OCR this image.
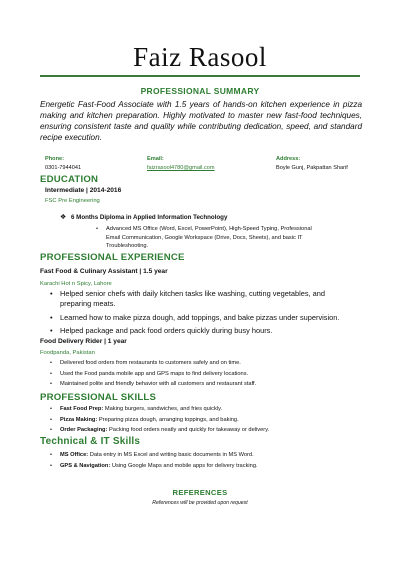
Faiz Rasool
PROFESSIONAL SUMMARY
Energetic Fast-Food Associate with 1.5 years of hands-on kitchen experience in pizza making and kitchen preparation. Highly motivated to master new fast-food techniques, ensuring consistent taste and quality while contributing dedication, speed, and standard recipe execution.
Phone:
0301-7944041
Email:
faizrasool4780@gmail.com
Address:
Boyle Gunj, Pakpattan Sharif
EDUCATION
Intermediate | 2014-2016
FSC Pre Engineering
❖ 6 Months Diploma in Applied Information Technology
• Advanced MS Office (Word, Excel, PowerPoint), High-Speed Typing, Professional Email Communication, Google Workspace (Drive, Docs, Sheets), and basic IT Troubleshooting.
PROFESSIONAL EXPERIENCE
Fast Food & Culinary Assistant | 1.5 year
Karachi Hot n Spicy, Lahore
• Helped senior chefs with daily kitchen tasks like washing, cutting vegetables, and preparing meats.
• Learned how to make pizza dough, add toppings, and bake pizzas under supervision.
• Helped package and pack food orders quickly during busy hours.
Food Delivery Rider | 1 year
Foodpanda, Pakistan
• Delivered food orders from restaurants to customers safely and on time.
• Used the Food panda mobile app and GPS maps to find delivery locations.
• Maintained polite and friendly behavior with all customers and restaurant staff.
PROFESSIONAL SKILLS
• Fast Food Prep: Making burgers, sandwiches, and fries quickly.
• Pizza Making: Preparing pizza dough, arranging toppings, and baking.
• Order Packaging: Packing food orders neatly and quickly for takeaway or delivery.
Technical & IT Skills
• MS Office: Data entry in MS Excel and writing basic documents in MS Word.
• GPS & Navigation: Using Google Maps and mobile apps for delivery tracking.
REFERENCES
References will be provided upon request
